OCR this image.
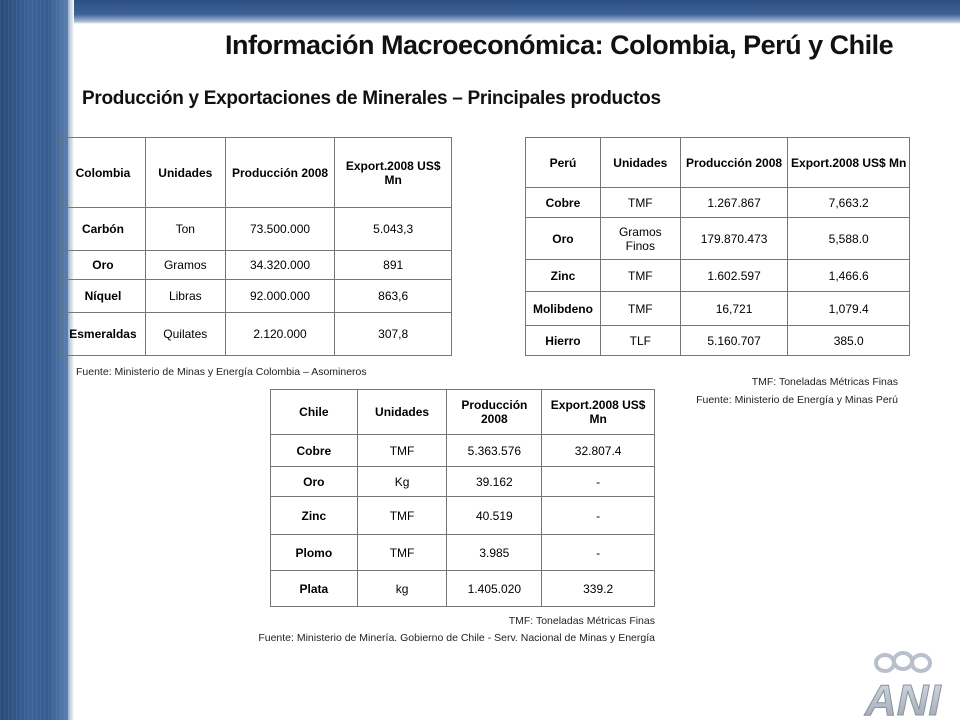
Información Macroeconómica: Colombia, Perú y Chile
Producción y Exportaciones de Minerales – Principales productos
Colombia	Unidades	Producción 2008	Export.2008 US$ Mn
Carbón	Ton	73.500.000	5.043,3
Oro	Gramos	34.320.000	891
Níquel	Libras	92.000.000	863,6
Esmeraldas	Quilates	2.120.000	307,8
Fuente: Ministerio de Minas y Energía Colombia – Asomineros
Perú	Unidades	Producción 2008	Export.2008 US$ Mn
Cobre	TMF	1.267.867	7,663.2
Oro	Gramos Finos	179.870.473	5,588.0
Zinc	TMF	1.602.597	1,466.6
Molibdeno	TMF	16,721	1,079.4
Hierro	TLF	5.160.707	385.0
TMF: Toneladas Métricas Finas
Fuente: Ministerio de Energía y Minas Perú
Chile	Unidades	Producción 2008	Export.2008 US$ Mn
Cobre	TMF	5.363.576	32.807.4
Oro	Kg	39.162	-
Zinc	TMF	40.519	-
Plomo	TMF	3.985	-
Plata	kg	1.405.020	339.2
TMF: Toneladas Métricas Finas
Fuente: Ministerio de Minería. Gobierno de Chile - Serv. Nacional de Minas y Energía
ANI
